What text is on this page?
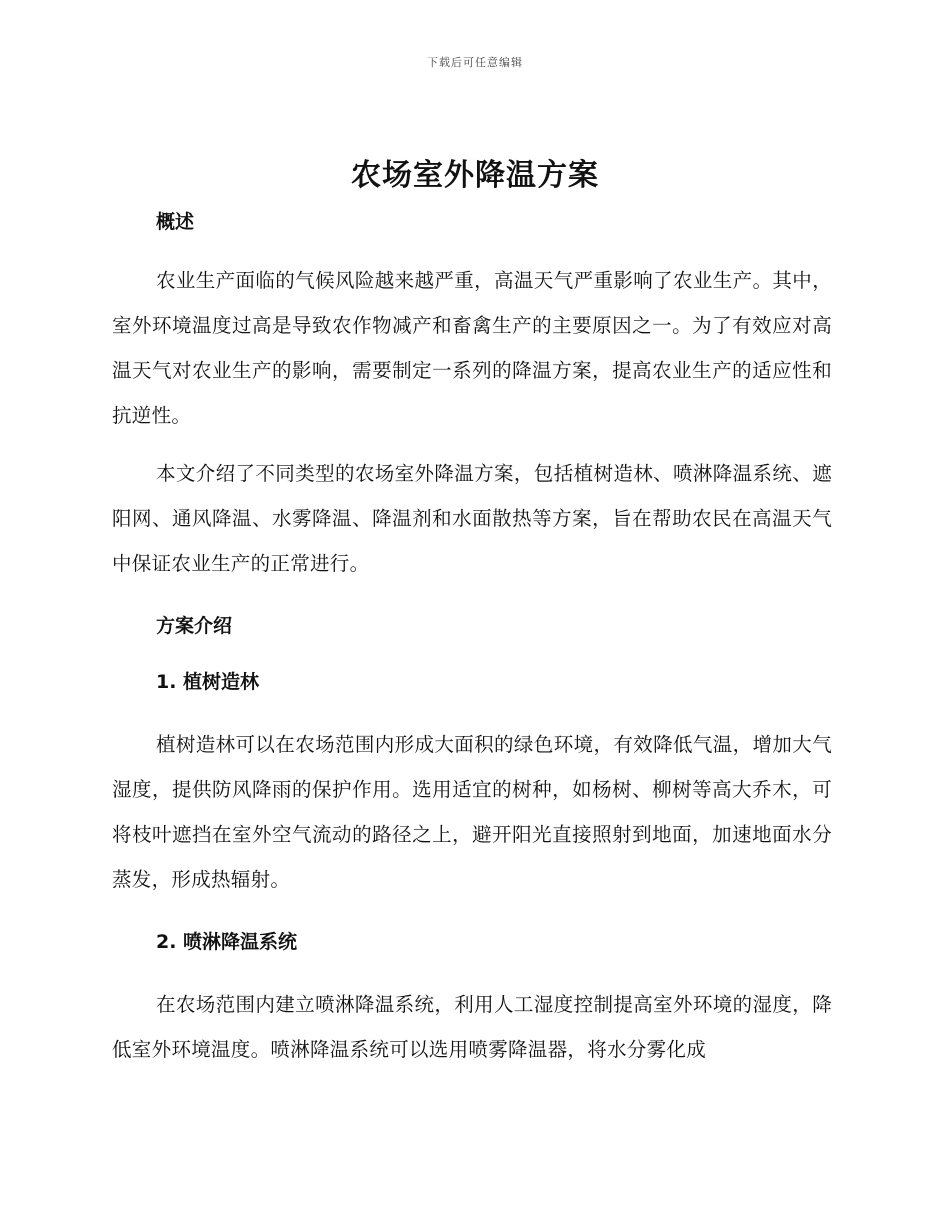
下载后可任意编辑
农场室外降温方案
概述

农业生产面临的气候风险越来越严重，高温天气严重影响了农业生产。其中，室外环境温度过高是导致农作物减产和畜禽生产的主要原因之一。为了有效应对高温天气对农业生产的影响，需要制定一系列的降温方案，提高农业生产的适应性和抗逆性。

本文介绍了不同类型的农场室外降温方案，包括植树造林、喷淋降温系统、遮阳网、通风降温、水雾降温、降温剂和水面散热等方案，旨在帮助农民在高温天气中保证农业生产的正常进行。

方案介绍
1. 植树造林

植树造林可以在农场范围内形成大面积的绿色环境，有效降低气温，增加大气湿度，提供防风降雨的保护作用。选用适宜的树种，如杨树、柳树等高大乔木，可将枝叶遮挡在室外空气流动的路径之上，避开阳光直接照射到地面，加速地面水分蒸发，形成热辐射。

2. 喷淋降温系统

在农场范围内建立喷淋降温系统，利用人工湿度控制提高室外环境的湿度，降低室外环境温度。喷淋降温系统可以选用喷雾降温器，将水分雾化成
